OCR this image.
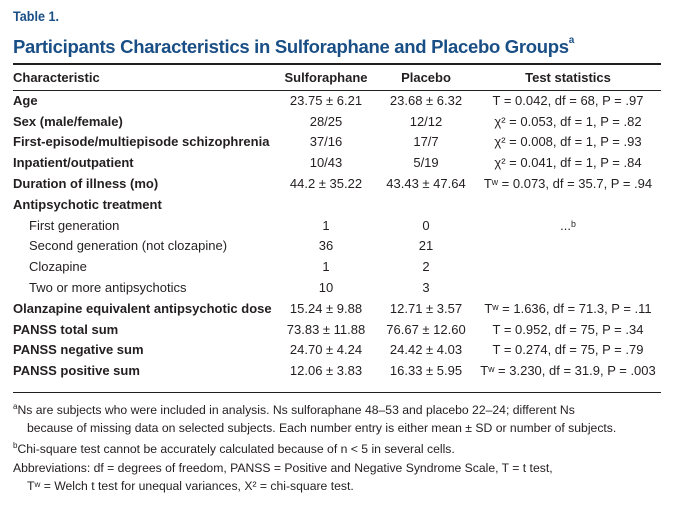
Table 1.
Participants Characteristics in Sulforaphane and Placebo Groups$^a$
Characteristic	Sulforaphane	Placebo	Test statistics
Age	23.75 ± 6.21	23.68 ± 6.32	T = 0.042, df = 68, P = .97
Sex (male/female)	28/25	12/12	χ² = 0.053, df = 1, P = .82
First-episode/multiepisode schizophrenia	37/16	17/7	χ² = 0.008, df = 1, P = .93
Inpatient/outpatient	10/43	5/19	χ² = 0.041, df = 1, P = .84
Duration of illness (mo)	44.2 ± 35.22	43.43 ± 47.64	Tʷ = 0.073, df = 35.7, P = .94
Antipsychotic treatment			
First generation	1	0	...ᵇ
Second generation (not clozapine)	36	21	
Clozapine	1	2	
Two or more antipsychotics	10	3	
Olanzapine equivalent antipsychotic dose	15.24 ± 9.88	12.71 ± 3.57	Tʷ = 1.636, df = 71.3, P = .11
PANSS total sum	73.83 ± 11.88	76.67 ± 12.60	T = 0.952, df = 75, P = .34
PANSS negative sum	24.70 ± 4.24	24.42 ± 4.03	T = 0.274, df = 75, P = .79
PANSS positive sum	12.06 ± 3.83	16.33 ± 5.95	Tʷ = 3.230, df = 31.9, P = .003

$^a$Ns are subjects who were included in analysis. Ns sulforaphane 48–53 and placebo 22–24; different Ns

because of missing data on selected subjects. Each number entry is either mean ± SD or number of subjects.

$^b$Chi-square test cannot be accurately calculated because of n < 5 in several cells.

Abbreviations: df = degrees of freedom, PANSS = Positive and Negative Syndrome Scale, T = t test,

Tʷ = Welch t test for unequal variances, Χ² = chi-square test.
